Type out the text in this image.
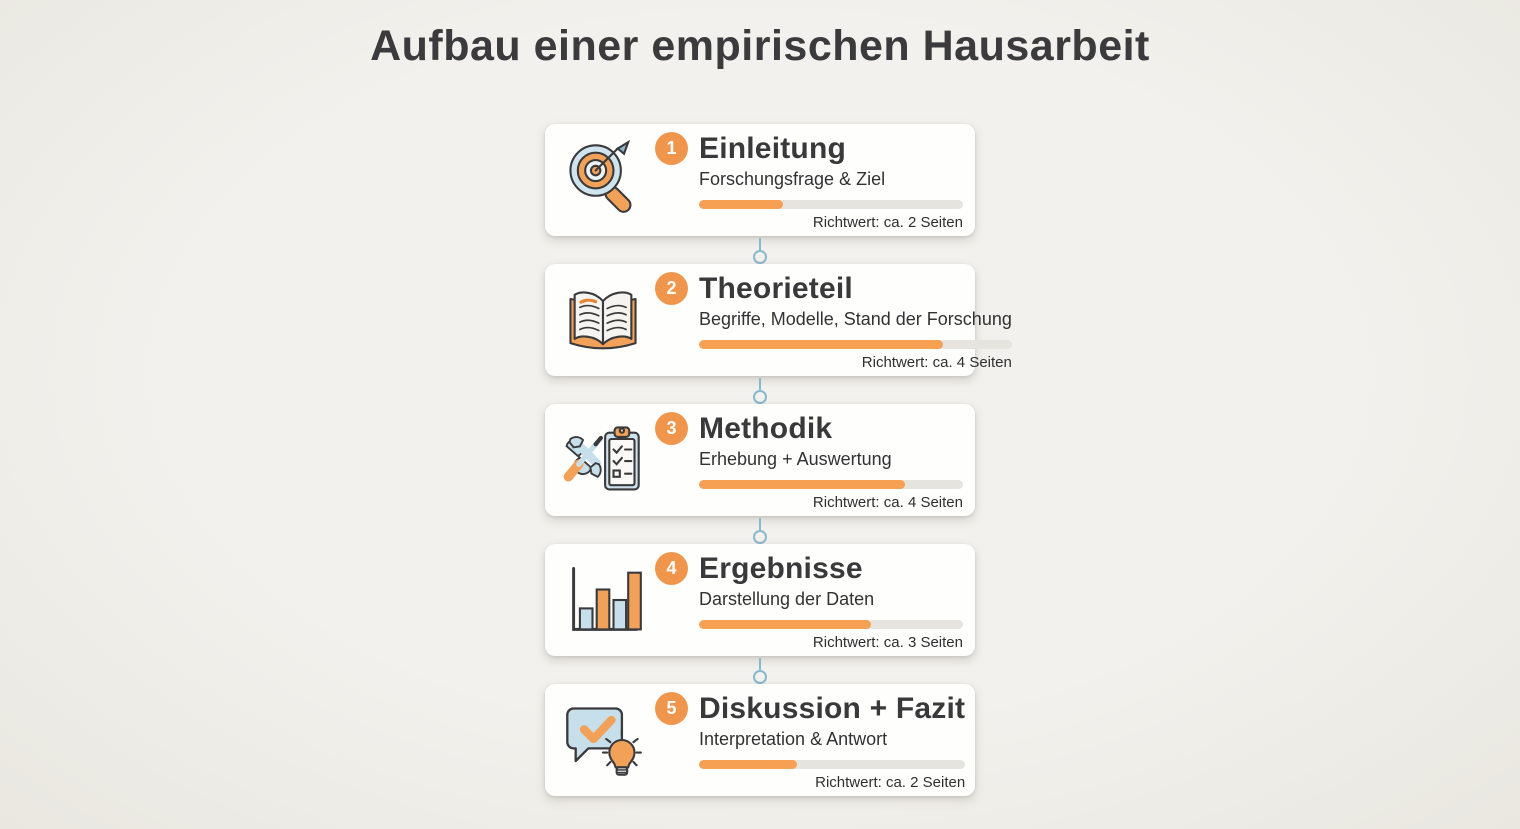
Aufbau einer empirischen Hausarbeit
1 Einleitung
Forschungsfrage & Ziel
Richtwert: ca. 2 Seiten
2 Theorieteil
Begriffe, Modelle, Stand der Forschung
Richtwert: ca. 4 Seiten
3 Methodik
Erhebung + Auswertung
Richtwert: ca. 4 Seiten
4 Ergebnisse
Darstellung der Daten
Richtwert: ca. 3 Seiten
5 Diskussion + Fazit
Interpretation & Antwort
Richtwert: ca. 2 Seiten
